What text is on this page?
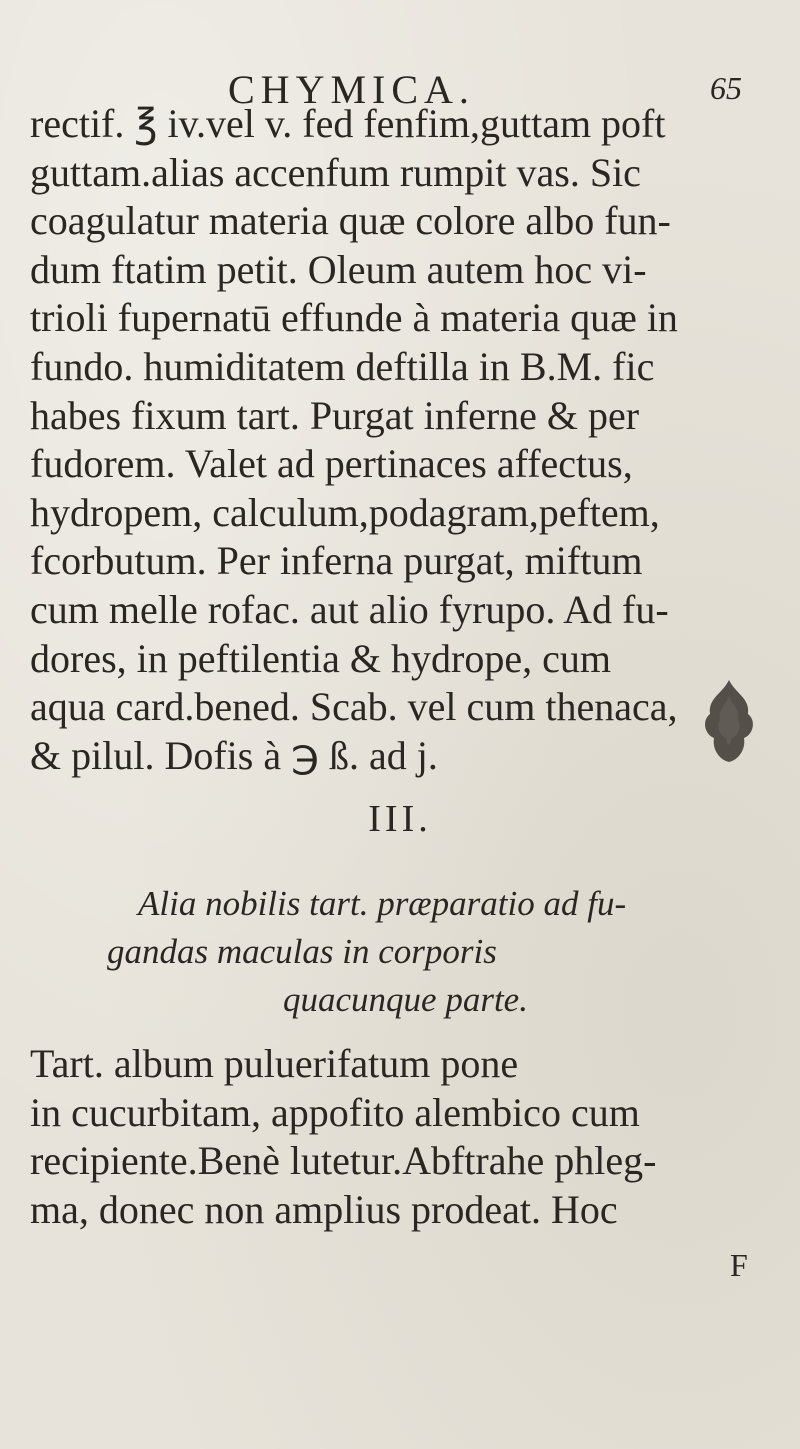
CHYMICA.	65
rectif. ℥ iv.vel v. fed fenfim,guttam poft
guttam.alias accenfum rumpit vas. Sic
coagulatur materia quæ colore albo fun-
dum ftatim petit. Oleum autem hoc vi-
trioli fupernatū effunde à materia quæ in
fundo. humiditatem deftilla in B.M. fic
habes fixum tart. Purgat inferne & per
fudorem. Valet ad pertinaces affectus,
hydropem, calculum,podagram,peftem,
fcorbutum. Per inferna purgat, miftum
cum melle rofac. aut alio fyrupo. Ad fu-
dores, in peftilentia & hydrope, cum
aqua card.bened. Scab. vel cum thenaca,
& pilul. Dofis à ℈ ß. ad j.
III.
Alia nobilis tart. præparatio ad fu-
gandas maculas in corporis
quacunque parte.
Tart. album puluerifatum pone
in cucurbitam, appofito alembico cum
recipiente.Benè lutetur.Abftrahe phleg-
ma, donec non amplius prodeat. Hoc
F
